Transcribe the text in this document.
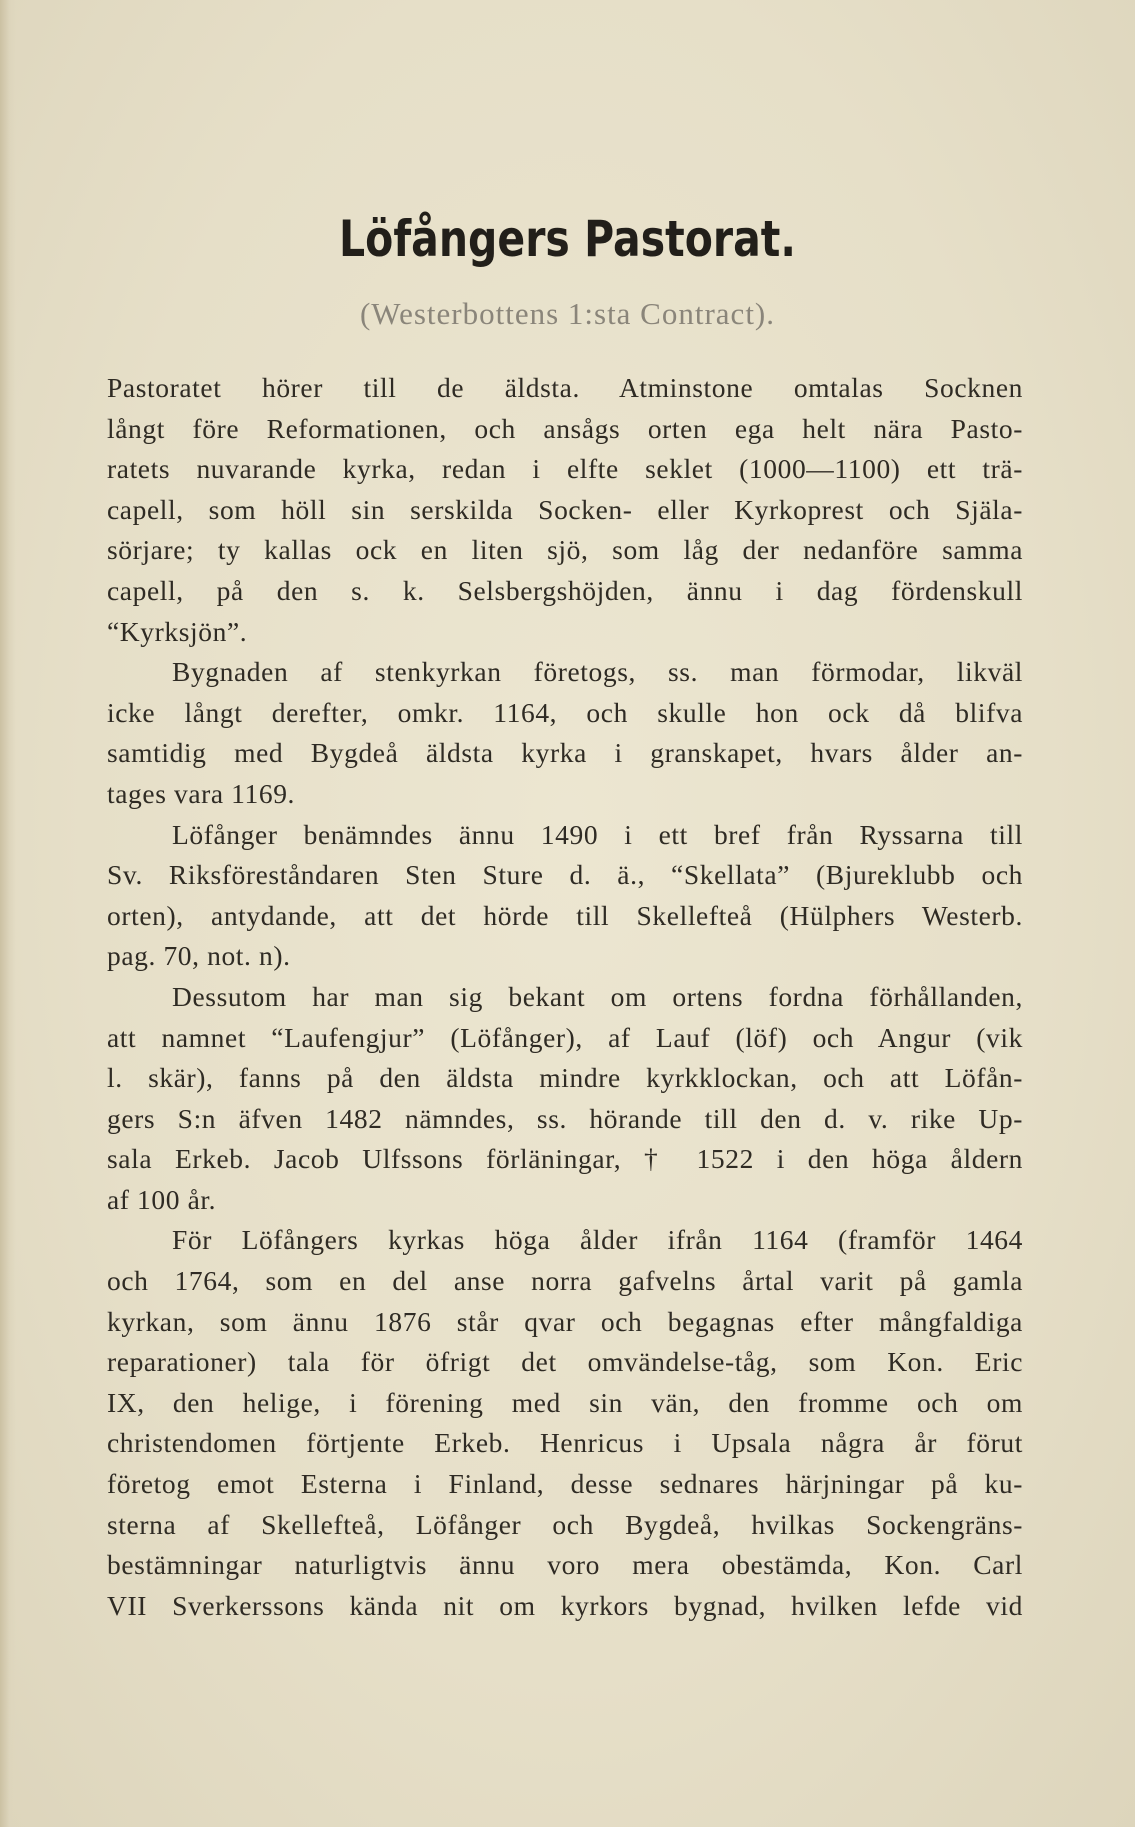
Löfångers Pastorat.
(Westerbottens 1:sta Contract).
Pastoratet hörer till de äldsta. Atminstone omtalas Socknen
långt före Reformationen, och ansågs orten ega helt nära Pasto-
ratets nuvarande kyrka, redan i elfte seklet (1000—1100) ett trä-
capell, som höll sin serskilda Socken- eller Kyrkoprest och Själa-
sörjare; ty kallas ock en liten sjö, som låg der nedanföre samma
capell, på den s. k. Selsbergshöjden, ännu i dag fördenskull
“Kyrksjön”.
Bygnaden af stenkyrkan företogs, ss. man förmodar, likväl
icke långt derefter, omkr. 1164, och skulle hon ock då blifva
samtidig med Bygdeå äldsta kyrka i granskapet, hvars ålder an-
tages vara 1169.
Löfånger benämndes ännu 1490 i ett bref från Ryssarna till
Sv. Riksföreståndaren Sten Sture d. ä., “Skellata” (Bjureklubb och
orten), antydande, att det hörde till Skellefteå (Hülphers Westerb.
pag. 70, not. n).
Dessutom har man sig bekant om ortens fordna förhållanden,
att namnet “Laufengjur” (Löfånger), af Lauf (löf) och Angur (vik
l. skär), fanns på den äldsta mindre kyrkklockan, och att Löfån-
gers S:n äfven 1482 nämndes, ss. hörande till den d. v. rike Up-
sala Erkeb. Jacob Ulfssons förläningar, † 1522 i den höga åldern
af 100 år.
För Löfångers kyrkas höga ålder ifrån 1164 (framför 1464
och 1764, som en del anse norra gafvelns årtal varit på gamla
kyrkan, som ännu 1876 står qvar och begagnas efter mångfaldiga
reparationer) tala för öfrigt det omvändelse-tåg, som Kon. Eric
IX, den helige, i förening med sin vän, den fromme och om
christendomen förtjente Erkeb. Henricus i Upsala några år förut
företog emot Esterna i Finland, desse sednares härjningar på ku-
sterna af Skellefteå, Löfånger och Bygdeå, hvilkas Sockengräns-
bestämningar naturligtvis ännu voro mera obestämda, Kon. Carl
VII Sverkerssons kända nit om kyrkors bygnad, hvilken lefde vid
